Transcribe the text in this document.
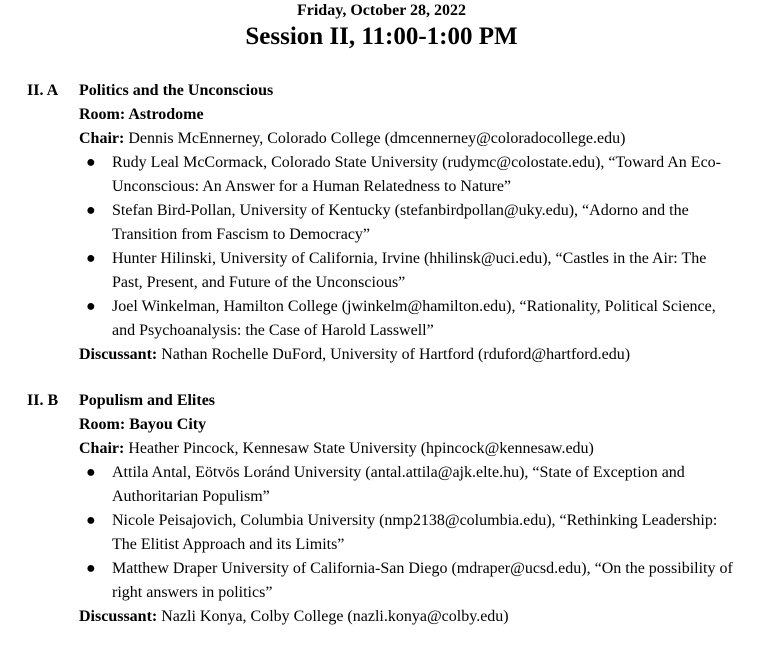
Friday, October 28, 2022
Session II, 11:00-1:00 PM
II. A Politics and the Unconscious
Room: Astrodome
Chair: Dennis McEnnerney, Colorado College (dmcennerney@coloradocollege.edu)
● Rudy Leal McCormack, Colorado State University (rudymc@colostate.edu), “Toward An Eco-Unconscious: An Answer for a Human Relatedness to Nature”
● Stefan Bird-Pollan, University of Kentucky (stefanbirdpollan@uky.edu), “Adorno and the Transition from Fascism to Democracy”
● Hunter Hilinski, University of California, Irvine (hhilinsk@uci.edu), “Castles in the Air: The Past, Present, and Future of the Unconscious”
● Joel Winkelman, Hamilton College (jwinkelm@hamilton.edu), “Rationality, Political Science, and Psychoanalysis: the Case of Harold Lasswell”
Discussant: Nathan Rochelle DuFord, University of Hartford (rduford@hartford.edu)
II. B Populism and Elites
Room: Bayou City
Chair: Heather Pincock, Kennesaw State University (hpincock@kennesaw.edu)
● Attila Antal, Eötvös Loránd University (antal.attila@ajk.elte.hu), “State of Exception and Authoritarian Populism”
● Nicole Peisajovich, Columbia University (nmp2138@columbia.edu), “Rethinking Leadership: The Elitist Approach and its Limits”
● Matthew Draper University of California-San Diego (mdraper@ucsd.edu), “On the possibility of right answers in politics”
Discussant: Nazli Konya, Colby College (nazli.konya@colby.edu)
